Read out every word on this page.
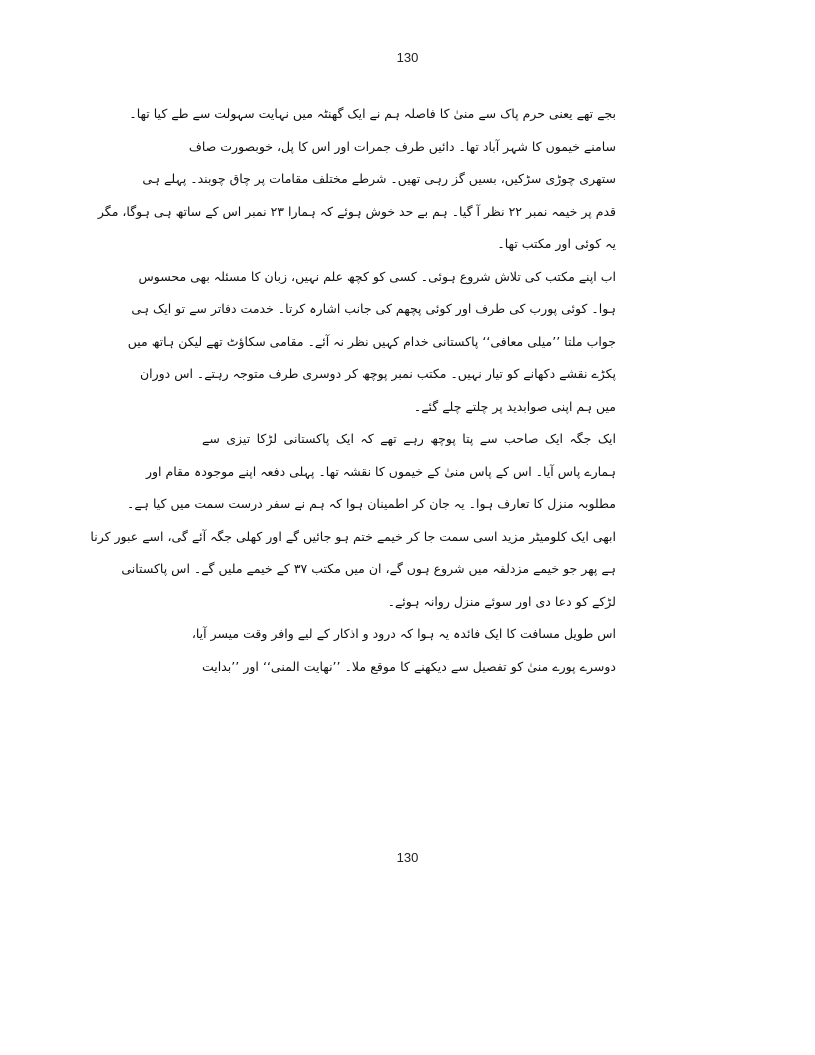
130
بجے تھے یعنی حرم پاک سے منیٰ کا فاصلہ ہم نے ایک گھنٹہ میں نہایت سہولت سے طے کیا تھا۔
سامنے خیموں کا شہر آباد تھا۔ دائیں طرف جمرات اور اس کا پل، خوبصورت صاف
ستھری چوڑی سڑکیں، بسیں گز رہی تھیں۔ شرطے مختلف مقامات پر چاق چوبند۔ پہلے ہی
قدم پر خیمہ نمبر ۲۲ نظر آ گیا۔ ہم بے حد خوش ہوئے کہ ہمارا ۲۳ نمبر اس کے ساتھ ہی ہوگا، مگر
یہ کوئی اور مکتب تھا۔
اب اپنے مکتب کی تلاش شروع ہوئی۔ کسی کو کچھ علم نہیں، زبان کا مسئلہ بھی محسوس
ہوا۔ کوئی پورب کی طرف اور کوئی پچھم کی جانب اشارہ کرتا۔ خدمت دفاتر سے تو ایک ہی
جواب ملتا ’’میلی معافی‘‘ پاکستانی خدام کہیں نظر نہ آئے۔ مقامی سکاؤٹ تھے لیکن ہاتھ میں
پکڑے نقشے دکھانے کو تیار نہیں۔ مکتب نمبر پوچھ کر دوسری طرف متوجہ رہتے۔ اس دوران
میں ہم اپنی صوابدید پر چلتے چلے گئے۔
ایک جگہ ایک صاحب سے پتا پوچھ رہے تھے کہ ایک پاکستانی لڑکا تیزی سے
ہمارے پاس آیا۔ اس کے پاس منیٰ کے خیموں کا نقشہ تھا۔ پہلی دفعہ اپنے موجودہ مقام اور
مطلوبہ منزل کا تعارف ہوا۔ یہ جان کر اطمینان ہوا کہ ہم نے سفر درست سمت میں کیا ہے۔
ابھی ایک کلومیٹر مزید اسی سمت جا کر خیمے ختم ہو جائیں گے اور کھلی جگہ آئے گی، اسے عبور کرنا
ہے پھر جو خیمے مزدلفہ میں شروع ہوں گے، ان میں مکتب ۳۷ کے خیمے ملیں گے۔ اس پاکستانی
لڑکے کو دعا دی اور سوئے منزل روانہ ہوئے۔
اس طویل مسافت کا ایک فائدہ یہ ہوا کہ درود و اذکار کے لیے وافر وقت میسر آیا،
دوسرے پورے منیٰ کو تفصیل سے دیکھنے کا موقع ملا۔ ’’نهایت المنی‘‘ اور ’’بدایت
130
